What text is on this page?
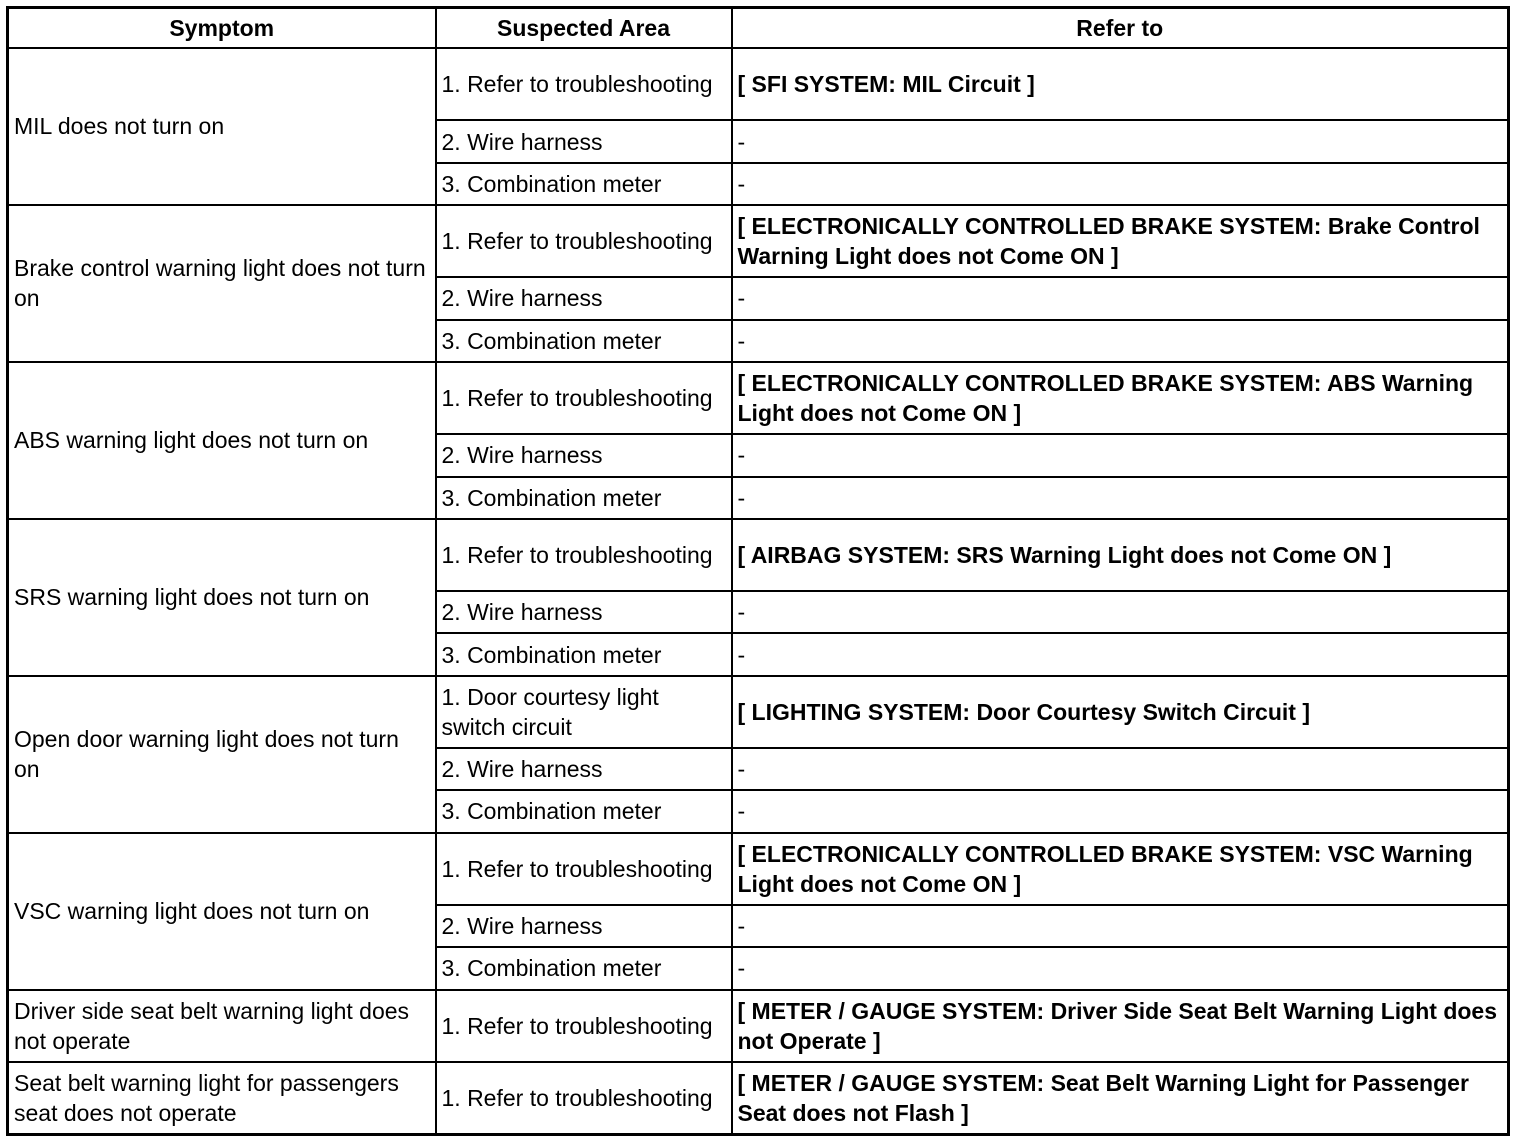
Symptom	Suspected Area	Refer to
MIL does not turn on	1. Refer to troubleshooting	[ SFI SYSTEM: MIL Circuit ]
	2. Wire harness	-
	3. Combination meter	-
Brake control warning light does not turn on	1. Refer to troubleshooting	[ ELECTRONICALLY CONTROLLED BRAKE SYSTEM: Brake Control Warning Light does not Come ON ]
	2. Wire harness	-
	3. Combination meter	-
ABS warning light does not turn on	1. Refer to troubleshooting	[ ELECTRONICALLY CONTROLLED BRAKE SYSTEM: ABS Warning Light does not Come ON ]
	2. Wire harness	-
	3. Combination meter	-
SRS warning light does not turn on	1. Refer to troubleshooting	[ AIRBAG SYSTEM: SRS Warning Light does not Come ON ]
	2. Wire harness	-
	3. Combination meter	-
Open door warning light does not turn on	1. Door courtesy light switch circuit	[ LIGHTING SYSTEM: Door Courtesy Switch Circuit ]
	2. Wire harness	-
	3. Combination meter	-
VSC warning light does not turn on	1. Refer to troubleshooting	[ ELECTRONICALLY CONTROLLED BRAKE SYSTEM: VSC Warning Light does not Come ON ]
	2. Wire harness	-
	3. Combination meter	-
Driver side seat belt warning light does not operate	1. Refer to troubleshooting	[ METER / GAUGE SYSTEM: Driver Side Seat Belt Warning Light does not Operate ]
Seat belt warning light for passengers seat does not operate	1. Refer to troubleshooting	[ METER / GAUGE SYSTEM: Seat Belt Warning Light for Passenger Seat does not Flash ]
